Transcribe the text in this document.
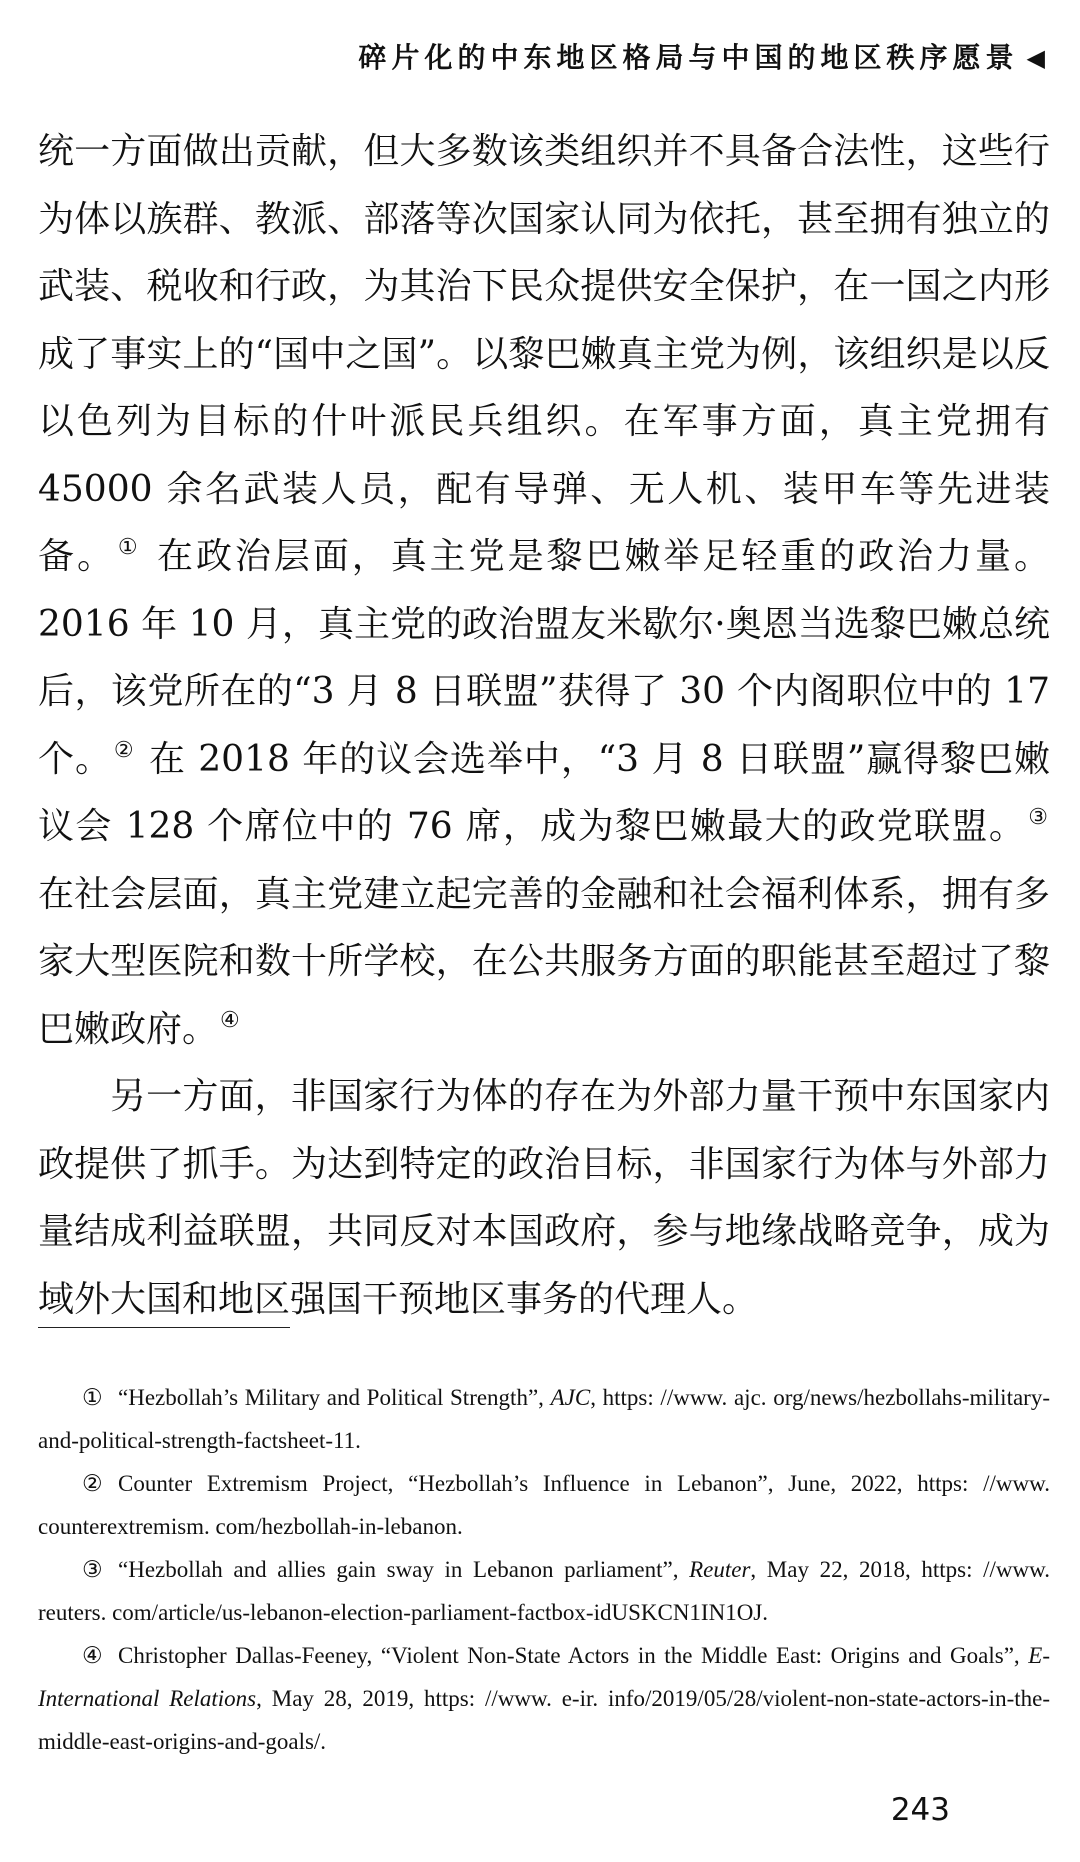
碎片化的中东地区格局与中国的地区秩序愿景 ◀

统一方面做出贡献，但大多数该类组织并不具备合法性，这些行为体以族群、教派、部落等次国家认同为依托，甚至拥有独立的武装、税收和行政，为其治下民众提供安全保护，在一国之内形成了事实上的“国中之国”。以黎巴嫩真主党为例，该组织是以反以色列为目标的什叶派民兵组织。在军事方面，真主党拥有 45000 余名武装人员，配有导弹、无人机、装甲车等先进装备。① 在政治层面，真主党是黎巴嫩举足轻重的政治力量。2016 年 10 月，真主党的政治盟友米歇尔·奥恩当选黎巴嫩总统后，该党所在的“3 月 8 日联盟”获得了 30 个内阁职位中的 17 个。② 在 2018 年的议会选举中，“3 月 8 日联盟”赢得黎巴嫩议会 128 个席位中的 76 席，成为黎巴嫩最大的政党联盟。③ 在社会层面，真主党建立起完善的金融和社会福利体系，拥有多家大型医院和数十所学校，在公共服务方面的职能甚至超过了黎巴嫩政府。④

另一方面，非国家行为体的存在为外部力量干预中东国家内政提供了抓手。为达到特定的政治目标，非国家行为体与外部力量结成利益联盟，共同反对本国政府，参与地缘战略竞争，成为域外大国和地区强国干预地区事务的代理人。

① “Hezbollah’s Military and Political Strength”, AJC, https: //www. ajc. org/news/hezbollahs-military-and-political-strength-factsheet-11.

② Counter Extremism Project, “Hezbollah’s Influence in Lebanon”, June, 2022, https: //www. counterextremism. com/hezbollah-in-lebanon.

③ “Hezbollah and allies gain sway in Lebanon parliament”, Reuter, May 22, 2018, https: //www. reuters. com/article/us-lebanon-election-parliament-factbox-idUSKCN1IN1OJ.

④ Christopher Dallas-Feeney, “Violent Non-State Actors in the Middle East: Origins and Goals”, E-International Relations, May 28, 2019, https: //www. e-ir. info/2019/05/28/violent-non-state-actors-in-the-middle-east-origins-and-goals/.

243
